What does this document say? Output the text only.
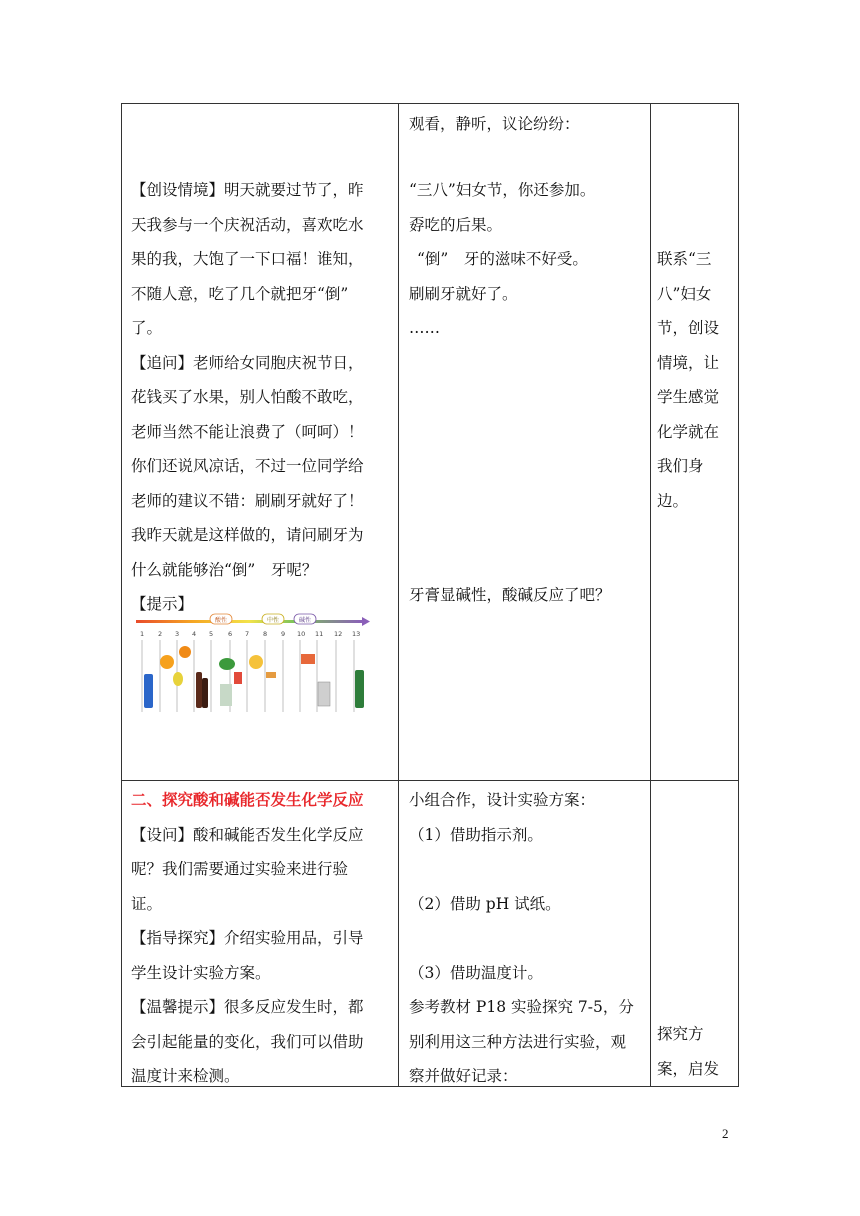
【创设情境】明天就要过节了，昨

天我参与一个庆祝活动，喜欢吃水

果的我，大饱了一下口福！谁知，

不随人意，吃了几个就把牙“倒”

了。

【追问】老师给女同胞庆祝节日，

花钱买了水果，别人怕酸不敢吃，

老师当然不能让浪费了（呵呵）！

你们还说风凉话，不过一位同学给

老师的建议不错：刷刷牙就好了！

我昨天就是这样做的，请问刷牙为

什么就能够治“倒”　牙呢？

【提示】

酸性	中性	碱性
1 2 3 4 5 6 7 8 9 10 11 12 13

观看，静听，议论纷纷：

“三八”妇女节，你还参加。

孬吃的后果。

“倒”　牙的滋味不好受。

刷刷牙就好了。

……

牙膏显碱性，酸碱反应了吧？

联系“三

八”妇女

节，创设

情境，让

学生感觉

化学就在

我们身

边。

二、探究酸和碱能否发生化学反应

【设问】酸和碱能否发生化学反应

呢？我们需要通过实验来进行验

证。

【指导探究】介绍实验用品，引导

学生设计实验方案。

【温馨提示】很多反应发生时，都

会引起能量的变化，我们可以借助

温度计来检测。

小组合作，设计实验方案：

（1）借助指示剂。

（2）借助 pH 试纸。

（3）借助温度计。

参考教材 P18 实验探究 7-5，分

别利用这三种方法进行实验，观

察并做好记录：

探究方

案，启发

2
